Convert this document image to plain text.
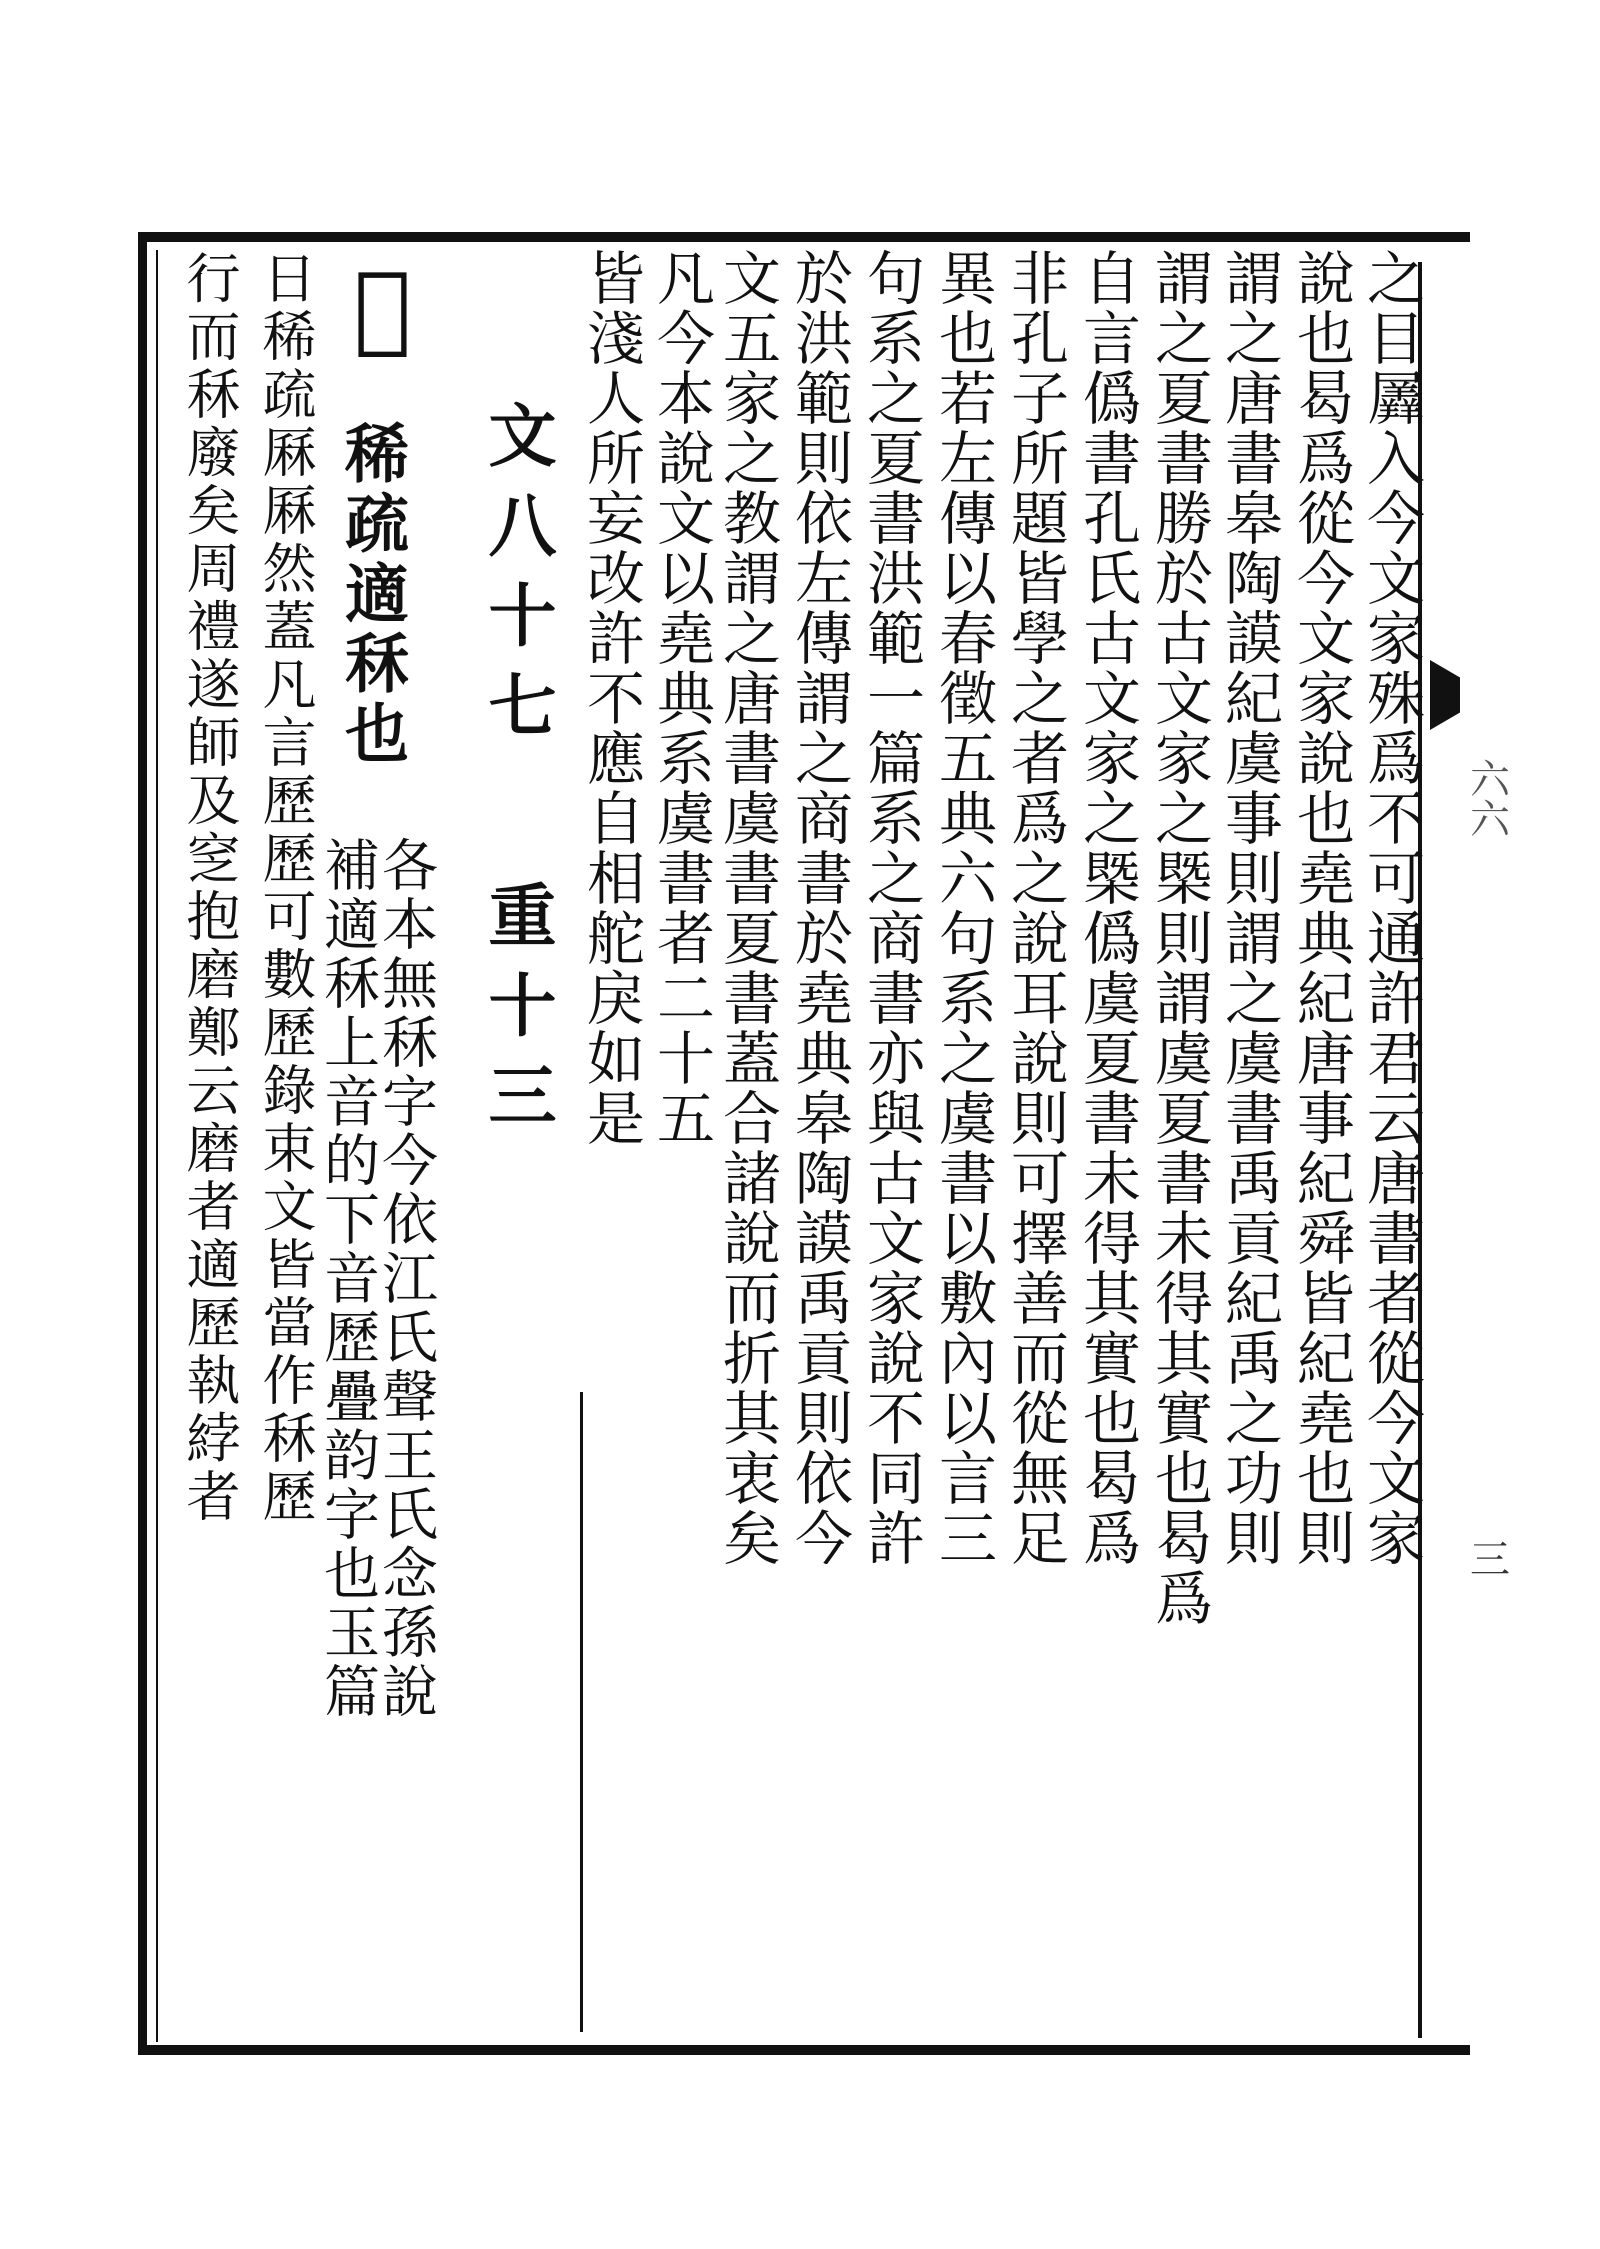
六六
三
之目羼入今文家殊爲不可通許君云唐書者從今文家
說也曷爲從今文家說也堯典紀唐事紀舜皆紀堯也則
謂之唐書皋陶謨紀虞事則謂之虞書禹貢紀禹之功則
謂之夏書勝於古文家之槩則謂虞夏書未得其實也曷爲
自言僞書孔氏古文家之槩僞虞夏書未得其實也曷爲
非孔子所題皆學之者爲之說耳說則可擇善而從無足
異也若左傳以春徵五典六句系之虞書以敷內以言三
句系之夏書洪範一篇系之商書亦與古文家說不同許
於洪範則依左傳謂之商書於堯典皋陶謨禹貢則依今
文五家之教謂之唐書虞書夏書蓋合諸說而折其衷矣
凡今本說文以堯典系虞書者二十五
皆淺人所妄改許不應自相舵戾如是
文八十七
重十三
𪝹
稀疏適秝也
各本無秝字今依江氏聲王氏念孫說
補適秝上音的下音歷疊韵字也玉篇
日稀疏厤厤然蓋凡言歷歷可數歷錄束文皆當作秝歷
行而秝廢矣周禮遂師及窆抱磨鄭云磨者適歷執綍者
